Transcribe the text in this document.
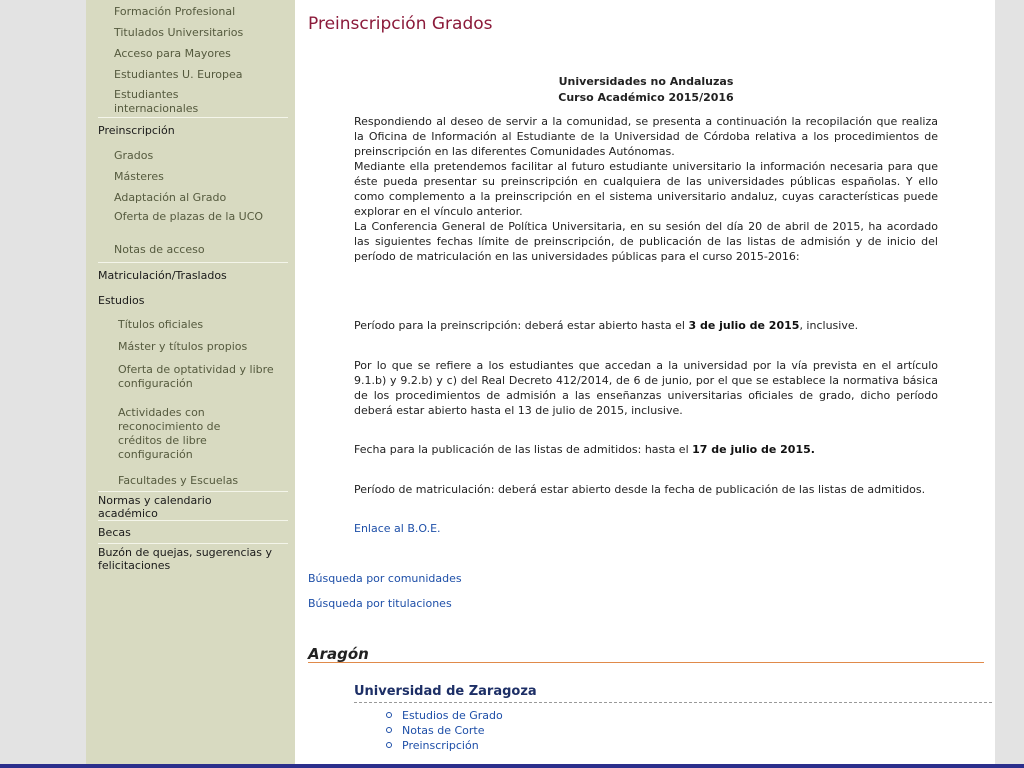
Formación Profesional
Titulados Universitarios
Acceso para Mayores
Estudiantes U. Europea
Estudiantes internacionales
Preinscripción
Grados
Másteres
Adaptación al Grado
Oferta de plazas de la UCO
Notas de acceso
Matriculación/Traslados
Estudios
Títulos oficiales
Máster y títulos propios
Oferta de optatividad y libre configuración
Actividades con reconocimiento de créditos de libre configuración
Facultades y Escuelas
Normas y calendario académico
Becas
Buzón de quejas, sugerencias y felicitaciones
Preinscripción Grados
Universidades no Andaluzas
Curso Académico 2015/2016
Respondiendo al deseo de servir a la comunidad, se presenta a continuación la recopilación que realiza la Oficina de Información al Estudiante de la Universidad de Córdoba relativa a los procedimientos de preinscripción en las diferentes Comunidades Autónomas.
Mediante ella pretendemos facilitar al futuro estudiante universitario la información necesaria para que éste pueda presentar su preinscripción en cualquiera de las universidades públicas españolas. Y ello como complemento a la preinscripción en el sistema universitario andaluz, cuyas características puede explorar en el vínculo anterior.
La Conferencia General de Política Universitaria, en su sesión del día 20 de abril de 2015, ha acordado las siguientes fechas límite de preinscripción, de publicación de las listas de admisión y de inicio del período de matriculación en las universidades públicas para el curso 2015-2016:
Período para la preinscripción: deberá estar abierto hasta el 3 de julio de 2015, inclusive.
Por lo que se refiere a los estudiantes que accedan a la universidad por la vía prevista en el artículo 9.1.b) y 9.2.b) y c) del Real Decreto 412/2014, de 6 de junio, por el que se establece la normativa básica de los procedimientos de admisión a las enseñanzas universitarias oficiales de grado, dicho período deberá estar abierto hasta el 13 de julio de 2015, inclusive.
Fecha para la publicación de las listas de admitidos: hasta el 17 de julio de 2015.
Período de matriculación: deberá estar abierto desde la fecha de publicación de las listas de admitidos.
Enlace al B.O.E.
Búsqueda por comunidades
Búsqueda por titulaciones
Aragón
Universidad de Zaragoza
Estudios de Grado
Notas de Corte
Preinscripción
